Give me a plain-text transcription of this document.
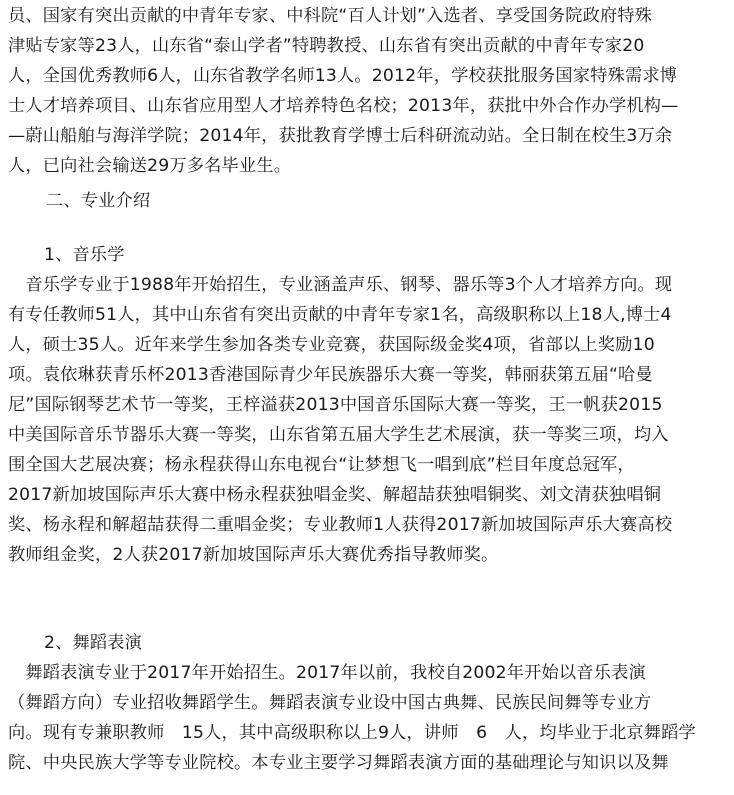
员、国家有突出贡献的中青年专家、中科院“百人计划”入选者、享受国务院政府特殊
津贴专家等23人，山东省“泰山学者”特聘教授、山东省有突出贡献的中青年专家20
人，全国优秀教师6人，山东省教学名师13人。2012年，学校获批服务国家特殊需求博
士人才培养项目、山东省应用型人才培养特色名校；2013年，获批中外合作办学机构—
—蔚山船舶与海洋学院；2014年，获批教育学博士后科研流动站。全日制在校生3万余
人，已向社会输送29万多名毕业生。
二、专业介绍
1、音乐学
　音乐学专业于1988年开始招生，专业涵盖声乐、钢琴、器乐等3个人才培养方向。现
有专任教师51人，其中山东省有突出贡献的中青年专家1名，高级职称以上18人,博士4
人，硕士35人。近年来学生参加各类专业竞赛，获国际级金奖4项，省部以上奖励10
项。袁依琳获青乐杯2013香港国际青少年民族器乐大赛一等奖，韩丽获第五届“哈曼
尼”国际钢琴艺术节一等奖，王梓溢获2013中国音乐国际大赛一等奖，王一帆获2015
中美国际音乐节器乐大赛一等奖，山东省第五届大学生艺术展演，获一等奖三项，均入
围全国大艺展决赛；杨永程获得山东电视台“让梦想飞一唱到底”栏目年度总冠军，
2017新加坡国际声乐大赛中杨永程获独唱金奖、解超喆获独唱铜奖、刘文清获独唱铜
奖、杨永程和解超喆获得二重唱金奖；专业教师1人获得2017新加坡国际声乐大赛高校
教师组金奖，2人获2017新加坡国际声乐大赛优秀指导教师奖。
2、舞蹈表演
　舞蹈表演专业于2017年开始招生。2017年以前，我校自2002年开始以音乐表演
（舞蹈方向）专业招收舞蹈学生。舞蹈表演专业设中国古典舞、民族民间舞等专业方
向。现有专兼职教师　15人，其中高级职称以上9人，讲师　6　人，均毕业于北京舞蹈学
院、中央民族大学等专业院校。本专业主要学习舞蹈表演方面的基础理论与知识以及舞
